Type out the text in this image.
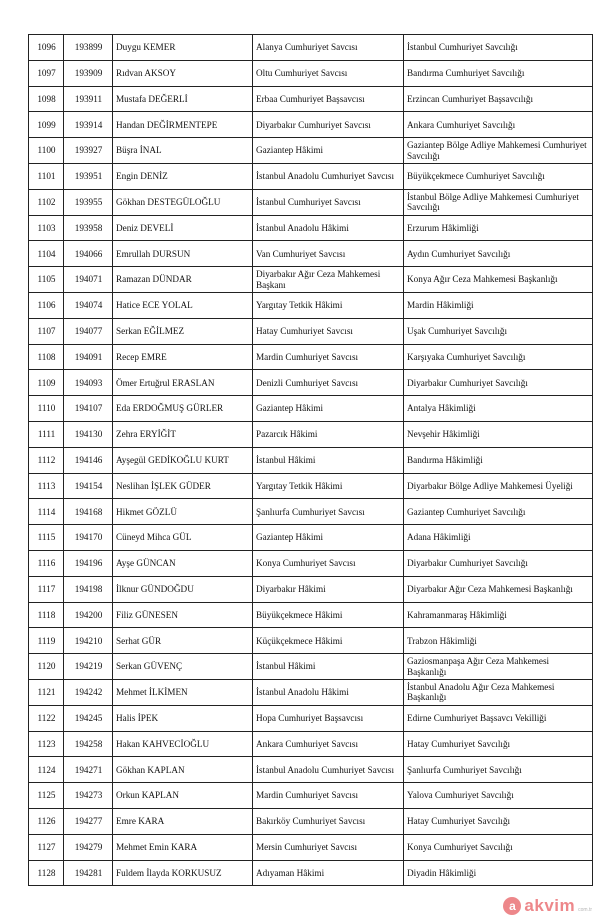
1096	193899	Duygu KEMER	Alanya Cumhuriyet Savcısı	İstanbul Cumhuriyet Savcılığı
1097	193909	Rıdvan AKSOY	Oltu Cumhuriyet Savcısı	Bandırma Cumhuriyet Savcılığı
1098	193911	Mustafa DEĞERLİ	Erbaa Cumhuriyet Başsavcısı	Erzincan Cumhuriyet Başsavcılığı
1099	193914	Handan DEĞİRMENTEPE	Diyarbakır Cumhuriyet Savcısı	Ankara Cumhuriyet Savcılığı
1100	193927	Büşra İNAL	Gaziantep Hâkimi	Gaziantep Bölge Adliye Mahkemesi Cumhuriyet Savcılığı
1101	193951	Engin DENİZ	İstanbul Anadolu Cumhuriyet Savcısı	Büyükçekmece Cumhuriyet Savcılığı
1102	193955	Gökhan DESTEGÜLOĞLU	İstanbul Cumhuriyet Savcısı	İstanbul Bölge Adliye Mahkemesi Cumhuriyet Savcılığı
1103	193958	Deniz DEVELİ	İstanbul Anadolu Hâkimi	Erzurum Hâkimliği
1104	194066	Emrullah DURSUN	Van Cumhuriyet Savcısı	Aydın Cumhuriyet Savcılığı
1105	194071	Ramazan DÜNDAR	Diyarbakır Ağır Ceza Mahkemesi Başkanı	Konya Ağır Ceza Mahkemesi Başkanlığı
1106	194074	Hatice ECE YOLAL	Yargıtay Tetkik Hâkimi	Mardin Hâkimliği
1107	194077	Serkan EĞİLMEZ	Hatay Cumhuriyet Savcısı	Uşak Cumhuriyet Savcılığı
1108	194091	Recep EMRE	Mardin Cumhuriyet Savcısı	Karşıyaka Cumhuriyet Savcılığı
1109	194093	Ömer Ertuğrul ERASLAN	Denizli Cumhuriyet Savcısı	Diyarbakır Cumhuriyet Savcılığı
1110	194107	Eda ERDOĞMUŞ GÜRLER	Gaziantep Hâkimi	Antalya Hâkimliği
1111	194130	Zehra ERYİĞİT	Pazarcık Hâkimi	Nevşehir Hâkimliği
1112	194146	Ayşegül GEDİKOĞLU KURT	İstanbul Hâkimi	Bandırma Hâkimliği
1113	194154	Neslihan İŞLEK GÜDER	Yargıtay Tetkik Hâkimi	Diyarbakır Bölge Adliye Mahkemesi Üyeliği
1114	194168	Hikmet GÖZLÜ	Şanlıurfa Cumhuriyet Savcısı	Gaziantep Cumhuriyet Savcılığı
1115	194170	Cüneyd Mihca GÜL	Gaziantep Hâkimi	Adana Hâkimliği
1116	194196	Ayşe GÜNCAN	Konya Cumhuriyet Savcısı	Diyarbakır Cumhuriyet Savcılığı
1117	194198	İlknur GÜNDOĞDU	Diyarbakır Hâkimi	Diyarbakır Ağır Ceza Mahkemesi Başkanlığı
1118	194200	Filiz GÜNESEN	Büyükçekmece Hâkimi	Kahramanmaraş Hâkimliği
1119	194210	Serhat GÜR	Küçükçekmece Hâkimi	Trabzon Hâkimliği
1120	194219	Serkan GÜVENÇ	İstanbul Hâkimi	Gaziosmanpaşa Ağır Ceza Mahkemesi Başkanlığı
1121	194242	Mehmet İLKİMEN	İstanbul Anadolu Hâkimi	İstanbul Anadolu Ağır Ceza Mahkemesi Başkanlığı
1122	194245	Halis İPEK	Hopa Cumhuriyet Başsavcısı	Edirne Cumhuriyet Başsavcı Vekilliği
1123	194258	Hakan KAHVECİOĞLU	Ankara Cumhuriyet Savcısı	Hatay Cumhuriyet Savcılığı
1124	194271	Gökhan KAPLAN	İstanbul Anadolu Cumhuriyet Savcısı	Şanlıurfa Cumhuriyet Savcılığı
1125	194273	Orkun KAPLAN	Mardin Cumhuriyet Savcısı	Yalova Cumhuriyet Savcılığı
1126	194277	Emre KARA	Bakırköy Cumhuriyet Savcısı	Hatay Cumhuriyet Savcılığı
1127	194279	Mehmet Emin KARA	Mersin Cumhuriyet Savcısı	Konya Cumhuriyet Savcılığı
1128	194281	Fuldem İlayda KORKUSUZ	Adıyaman Hâkimi	Diyadin Hâkimliği
a akvim com.tr
